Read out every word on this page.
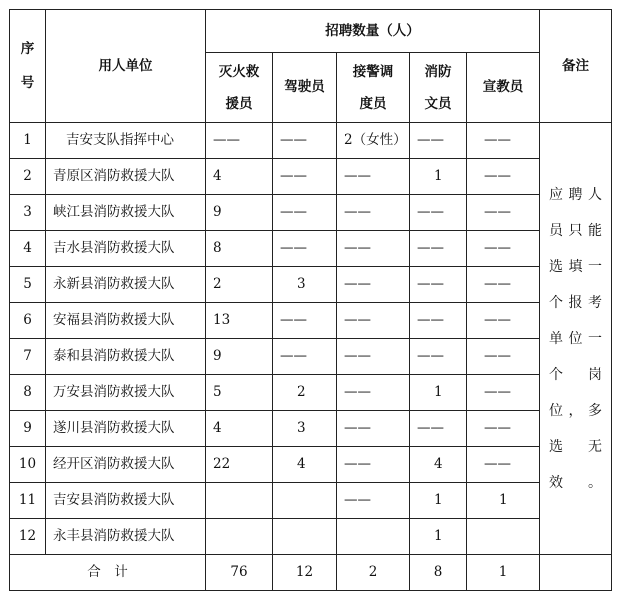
序号	用人单位	招聘数量（人）					备注
		灭火救援员	驾驶员	接警调度员	消防文员	宣教员	
1	吉安支队指挥中心	——	——	2（女性）	——	——	应聘人员只能选填一个报考单位一个岗位，多选无效。

2	青原区消防救援大队	4	——	——	1	——	
3	峡江县消防救援大队	9	——	——	——	——	
4	吉水县消防救援大队	8	——	——	——	——	
5	永新县消防救援大队	2	3	——	——	——	
6	安福县消防救援大队	13	——	——	——	——	
7	泰和县消防救援大队	9	——	——	——	——	
8	万安县消防救援大队	5	2	——	1	——	
9	遂川县消防救援大队	4	3	——	——	——	
10	经开区消防救援大队	22	4	——	4	——	
11	吉安县消防救援大队			——	1	1	
12	永丰县消防救援大队				1		
合　计		76	12	2	8	1	
